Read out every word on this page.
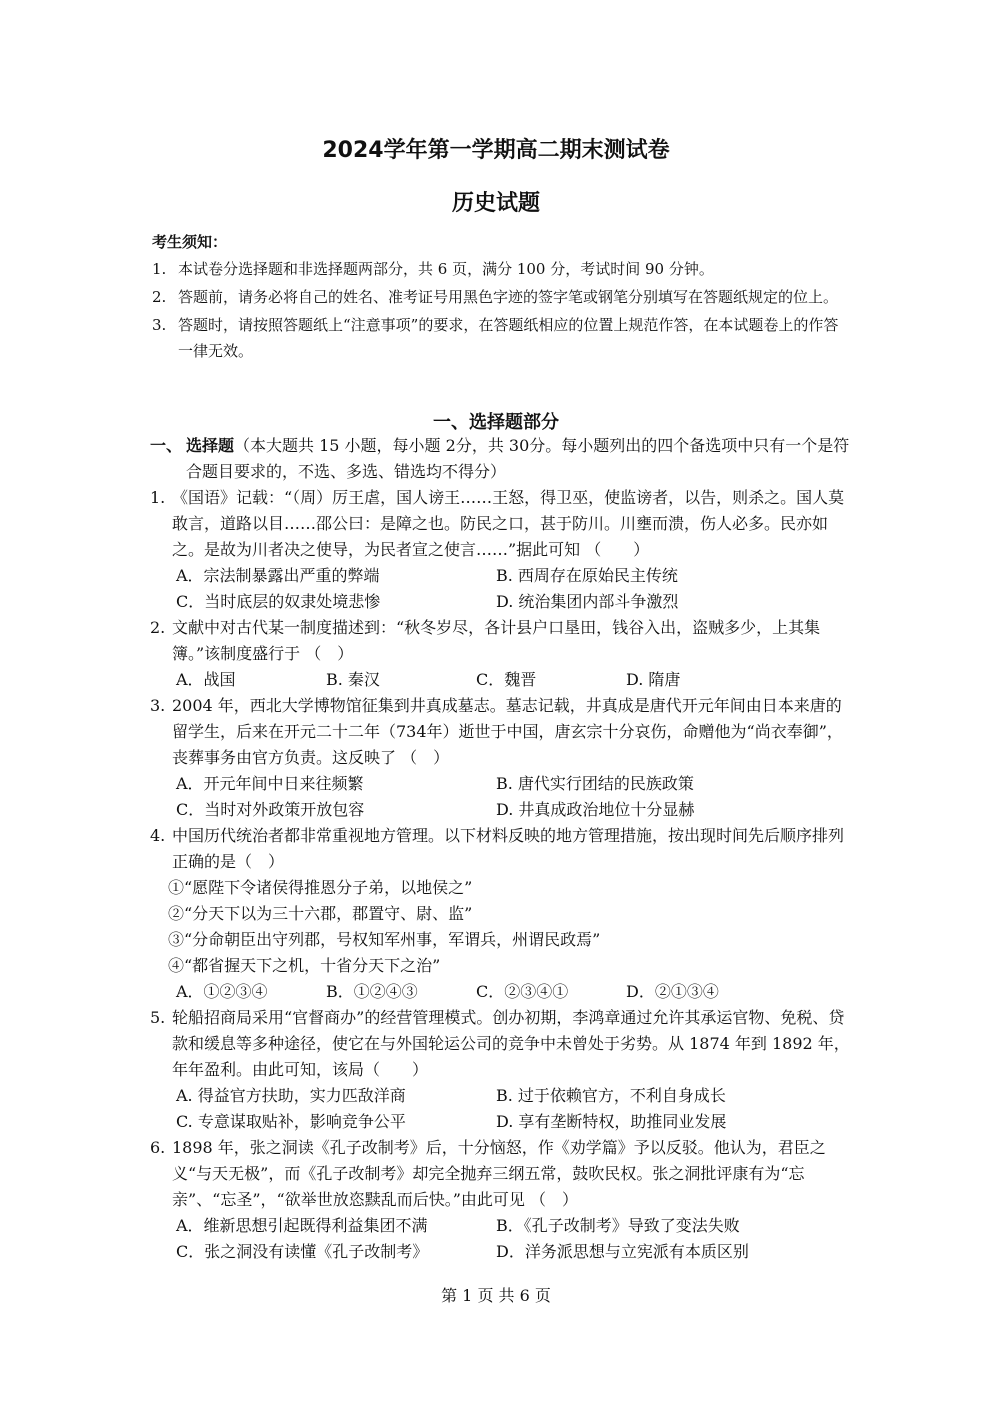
2024学年第一学期高二期末测试卷
历史试题
考生须知：
1. 本试卷分选择题和非选择题两部分，共 6 页，满分 100 分，考试时间 90 分钟。
2. 答题前，请务必将自己的姓名、准考证号用黑色字迹的签字笔或钢笔分别填写在答题纸规定的位上。
3. 答题时，请按照答题纸上“注意事项”的要求，在答题纸相应的位置上规范作答，在本试题卷上的作答一律无效。
一、选择题部分
一、 选择题（本大题共 15 小题，每小题 2分，共 30分。每小题列出的四个备选项中只有一个是符合题目要求的，不选、多选、错选均不得分）
1. 《国语》记载：“（周）厉王虐，国人谤王……王怒，得卫巫，使监谤者，以告，则杀之。国人莫敢言，道路以目……邵公曰：是障之也。防民之口，甚于防川。川壅而溃，伤人必多。民亦如之。是故为川者决之使导，为民者宣之使言……”据此可知 （　　）
A．宗法制暴露出严重的弊端	B. 西周存在原始民主传统
C．当时底层的奴隶处境悲惨	D. 统治集团内部斗争激烈
2. 文献中对古代某一制度描述到：“秋冬岁尽，各计县户口垦田，钱谷入出，盗贼多少，上其集簿。”该制度盛行于 （　）
A．战国	B. 秦汉	C．魏晋	D. 隋唐
3. 2004 年，西北大学博物馆征集到井真成墓志。墓志记载，井真成是唐代开元年间由日本来唐的留学生，后来在开元二十二年（734年）逝世于中国，唐玄宗十分哀伤，命赠他为“尚衣奉御”，丧葬事务由官方负责。这反映了 （　）
A．开元年间中日来往频繁	B. 唐代实行团结的民族政策
C．当时对外政策开放包容	D. 井真成政治地位十分显赫
4. 中国历代统治者都非常重视地方管理。以下材料反映的地方管理措施，按出现时间先后顺序排列正确的是（　）
①“愿陛下令诸侯得推恩分子弟，以地侯之”
②“分天下以为三十六郡，郡置守、尉、监”
③“分命朝臣出守列郡，号权知军州事，军谓兵，州谓民政焉”
④“都省握天下之机，十省分天下之治”
A．①②③④	B．①②④③	C．②③④①	D．②①③④
5. 轮船招商局采用“官督商办”的经营管理模式。创办初期，李鸿章通过允许其承运官物、免税、贷款和缓息等多种途径，使它在与外国轮运公司的竞争中未曾处于劣势。从 1874 年到 1892 年，年年盈利。由此可知，该局（　　）
A. 得益官方扶助，实力匹敌洋商	B. 过于依赖官方，不利自身成长
C. 专意谋取贴补，影响竞争公平	D. 享有垄断特权，助推同业发展
6. 1898 年，张之洞读《孔子改制考》后，十分恼怒，作《劝学篇》予以反驳。他认为，君臣之义“与天无极”，而《孔子改制考》却完全抛弃三纲五常，鼓吹民权。张之洞批评康有为“忘亲”、“忘圣”，“欲举世放恣黩乱而后快。”由此可见 （　）
A．维新思想引起既得利益集团不满	B．《孔子改制考》导致了变法失败
C．张之洞没有读懂《孔子改制考》	D．洋务派思想与立宪派有本质区别
第 1 页 共 6 页
